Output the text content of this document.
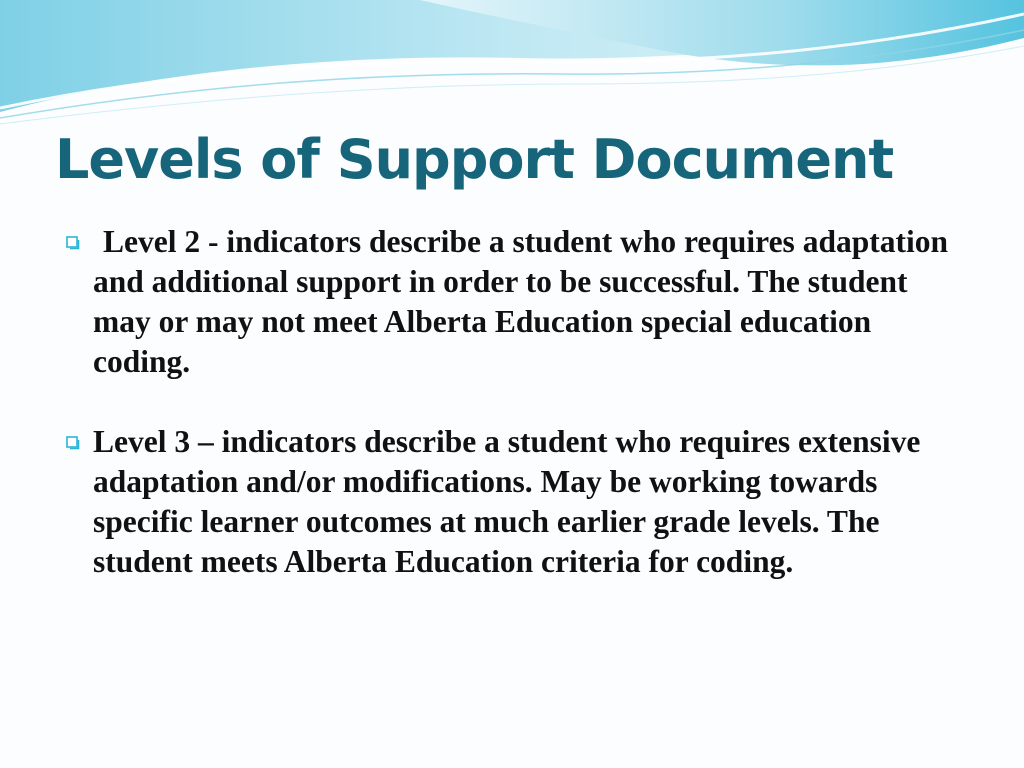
Levels of Support Document
Level 2 - indicators describe a student who requires adaptation and additional support in order to be successful. The student may or may not meet Alberta Education special education coding.
Level 3 – indicators describe a student who requires extensive adaptation and/or modifications. May be working towards specific learner outcomes at much earlier grade levels. The student meets Alberta Education criteria for coding.
